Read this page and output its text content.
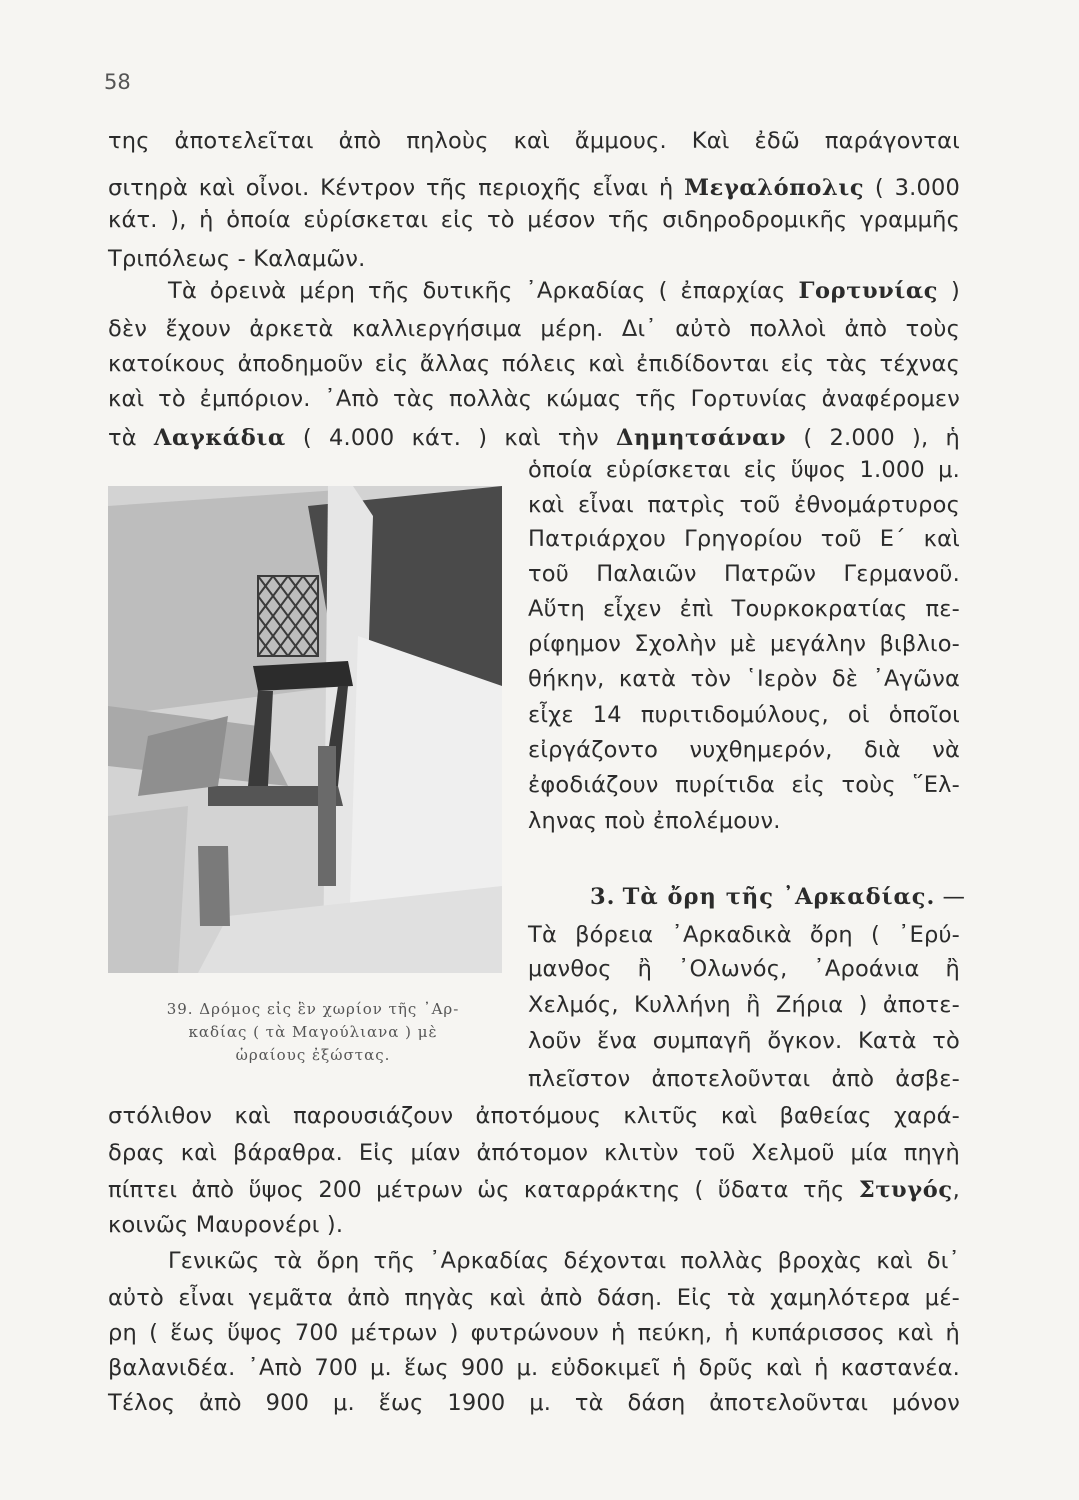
58
της ἀποτελεῖται ἀπὸ πηλοὺς καὶ ἄμμους. Καὶ ἐδῶ παράγονται
σιτηρὰ καὶ οἶνοι. Κέντρον τῆς περιοχῆς εἶναι ἡ Μεγαλόπολις ( 3.000
κάτ. ), ἡ ὁποία εὑρίσκεται εἰς τὸ μέσον τῆς σιδηροδρομικῆς γραμμῆς
Τριπόλεως - Καλαμῶν.
Τὰ ὀρεινὰ μέρη τῆς δυτικῆς ᾿Αρκαδίας ( ἐπαρχίας Γορτυνίας )
δὲν ἔχουν ἀρκετὰ καλλιεργήσιμα μέρη. Δι᾿ αὐτὸ πολλοὶ ἀπὸ τοὺς
κατοίκους ἀποδημοῦν εἰς ἄλλας πόλεις καὶ ἐπιδίδονται εἰς τὰς τέχνας
καὶ τὸ ἐμπόριον. ᾿Απὸ τὰς πολλὰς κώμας τῆς Γορτυνίας ἀναφέρομεν
τὰ Λαγκάδια ( 4.000 κάτ. ) καὶ τὴν Δημητσάναν ( 2.000 ), ἡ
ὁποία εὑρίσκεται εἰς ὕψος 1.000 μ.
καὶ εἶναι πατρὶς τοῦ ἐθνομάρτυρος
Πατριάρχου Γρηγορίου τοῦ Ε΄ καὶ
τοῦ Παλαιῶν Πατρῶν Γερμανοῦ.
Αὕτη εἶχεν ἐπὶ Τουρκοκρατίας πε-
ρίφημον Σχολὴν μὲ μεγάλην βιβλιο-
θήκην, κατὰ τὸν ῾Ιερὸν δὲ ᾿Αγῶνα
εἶχε 14 πυριτιδομύλους, οἱ ὁποῖοι
εἰργάζοντο νυχθημερόν, διὰ νὰ
ἐφοδιάζουν πυρίτιδα εἰς τοὺς ῞Ελ-
ληνας ποὺ ἐπολέμουν.
39. Δρόμος εἰς ἓν χωρίον τῆς ᾿Αρ-
καδίας ( τὰ Μαγούλιανα ) μὲ
ὡραίους ἐξώστας.
3. Τὰ ὄρη τῆς ᾿Αρκαδίας. —
Τὰ βόρεια ᾿Αρκαδικὰ ὄρη ( ᾿Ερύ-
μανθος ἢ ᾿Ολωνός, ᾿Αροάνια ἢ
Χελμός, Κυλλήνη ἢ Ζήρια ) ἀποτε-
λοῦν ἕνα συμπαγῆ ὄγκον. Κατὰ τὸ
πλεῖστον ἀποτελοῦνται ἀπὸ ἀσβε-
στόλιθον καὶ παρουσιάζουν ἀποτόμους κλιτῦς καὶ βαθείας χαρά-
δρας καὶ βάραθρα. Εἰς μίαν ἀπότομον κλιτὺν τοῦ Χελμοῦ μία πηγὴ
πίπτει ἀπὸ ὕψος 200 μέτρων ὡς καταρράκτης ( ὕδατα τῆς Στυγός,
κοινῶς Μαυρονέρι ).
Γενικῶς τὰ ὄρη τῆς ᾿Αρκαδίας δέχονται πολλὰς βροχὰς καὶ δι᾿
αὐτὸ εἶναι γεμᾶτα ἀπὸ πηγὰς καὶ ἀπὸ δάση. Εἰς τὰ χαμηλότερα μέ-
ρη ( ἕως ὕψος 700 μέτρων ) φυτρώνουν ἡ πεύκη, ἡ κυπάρισσος καὶ ἡ
βαλανιδέα. ᾿Απὸ 700 μ. ἕως 900 μ. εὐδοκιμεῖ ἡ δρῦς καὶ ἡ καστανέα.
Τέλος ἀπὸ 900 μ. ἕως 1900 μ. τὰ δάση ἀποτελοῦνται μόνον
